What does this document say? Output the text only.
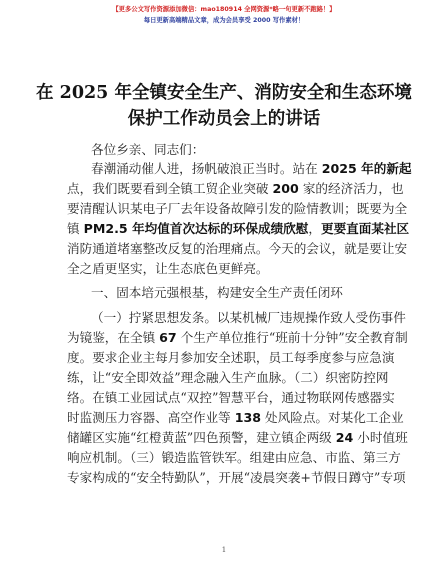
【更多公文写作资源添加微信：mao180914 全网资源*略一句更新不跑路！】
每日更新高端精品文章，成为会员享受 2000 写作素材！
在 2025 年全镇安全生产、消防安全和生态环境
保护工作动员会上的讲话
各位乡亲、同志们：
春潮涌动催人进，扬帆破浪正当时。站在 2025 年的新起
点，我们既要看到全镇工贸企业突破 200 家的经济活力，也
要清醒认识某电子厂去年设备故障引发的险情教训；既要为全
镇 PM2.5 年均值首次达标的环保成绩欣慰，更要直面某社区
消防通道堵塞整改反复的治理痛点。今天的会议，就是要让安
全之盾更坚实，让生态底色更鲜亮。
一、固本培元强根基，构建安全生产责任闭环
（一）拧紧思想发条。以某机械厂违规操作致人受伤事件
为镜鉴，在全镇 67 个生产单位推行“班前十分钟”安全教育制
度。要求企业主每月参加安全述职，员工每季度参与应急演
练，让“安全即效益”理念融入生产血脉。（二）织密防控网
络。在镇工业园试点“双控”智慧平台，通过物联网传感器实
时监测压力容器、高空作业等 138 处风险点。对某化工企业
储罐区实施“红橙黄蓝”四色预警，建立镇企两级 24 小时值班
响应机制。（三）锻造监管铁军。组建由应急、市监、第三方
专家构成的“安全特勤队”，开展“凌晨突袭+节假日蹲守”专项
1
